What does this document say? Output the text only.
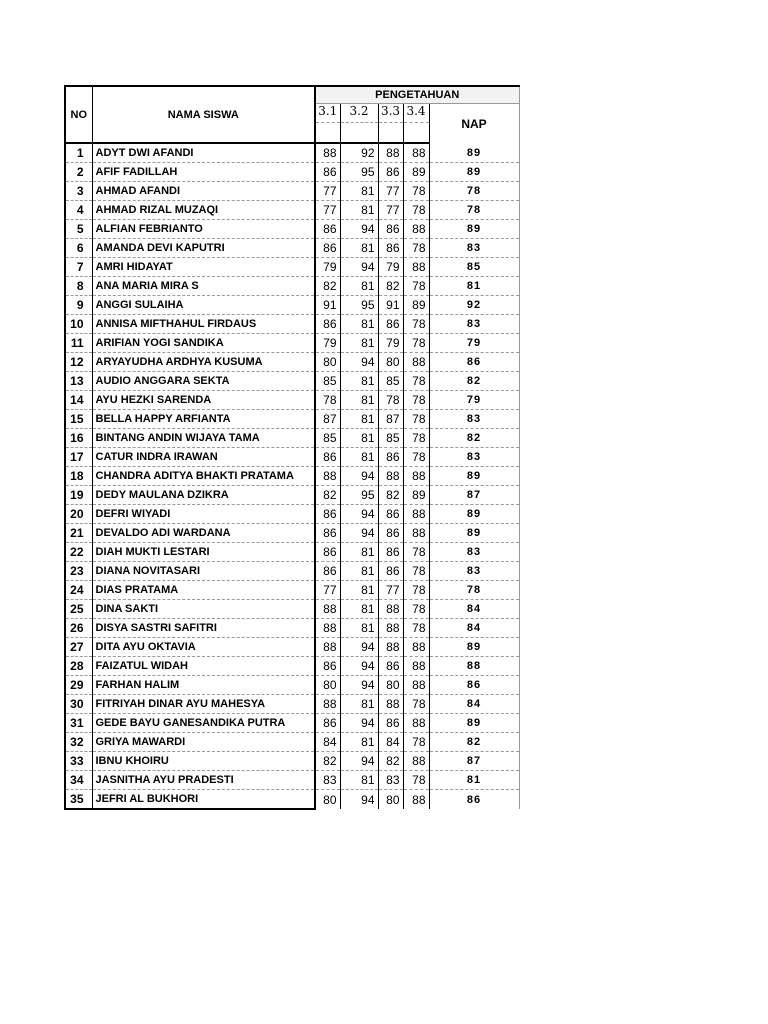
NO	NAMA SISWA	PENGETAHUAN				
		3.1	3.2	3.3	3.4	NAP

1	ADYT DWI AFANDI	88	92	88	88	89
2	AFIF FADILLAH	86	95	86	89	89
3	AHMAD AFANDI	77	81	77	78	78
4	AHMAD RIZAL MUZAQI	77	81	77	78	78
5	ALFIAN FEBRIANTO	86	94	86	88	89
6	AMANDA DEVI KAPUTRI	86	81	86	78	83
7	AMRI HIDAYAT	79	94	79	88	85
8	ANA MARIA MIRA S	82	81	82	78	81
9	ANGGI SULAIHA	91	95	91	89	92
10	ANNISA MIFTHAHUL FIRDAUS	86	81	86	78	83
11	ARIFIAN YOGI SANDIKA	79	81	79	78	79
12	ARYAYUDHA ARDHYA KUSUMA	80	94	80	88	86
13	AUDIO ANGGARA SEKTA	85	81	85	78	82
14	AYU HEZKI SARENDA	78	81	78	78	79
15	BELLA HAPPY ARFIANTA	87	81	87	78	83
16	BINTANG ANDIN WIJAYA TAMA	85	81	85	78	82
17	CATUR INDRA IRAWAN	86	81	86	78	83
18	CHANDRA ADITYA BHAKTI PRATAMA	88	94	88	88	89
19	DEDY MAULANA DZIKRA	82	95	82	89	87
20	DEFRI WIYADI	86	94	86	88	89
21	DEVALDO ADI WARDANA	86	94	86	88	89
22	DIAH MUKTI LESTARI	86	81	86	78	83
23	DIANA NOVITASARI	86	81	86	78	83
24	DIAS PRATAMA	77	81	77	78	78
25	DINA SAKTI	88	81	88	78	84
26	DISYA SASTRI SAFITRI	88	81	88	78	84
27	DITA AYU OKTAVIA	88	94	88	88	89
28	FAIZATUL WIDAH	86	94	86	88	88
29	FARHAN HALIM	80	94	80	88	86
30	FITRIYAH DINAR AYU MAHESYA	88	81	88	78	84
31	GEDE BAYU GANESANDIKA PUTRA	86	94	86	88	89
32	GRIYA MAWARDI	84	81	84	78	82
33	IBNU KHOIRU	82	94	82	88	87
34	JASNITHA AYU PRADESTI	83	81	83	78	81
35	JEFRI AL BUKHORI	80	94	80	88	86
